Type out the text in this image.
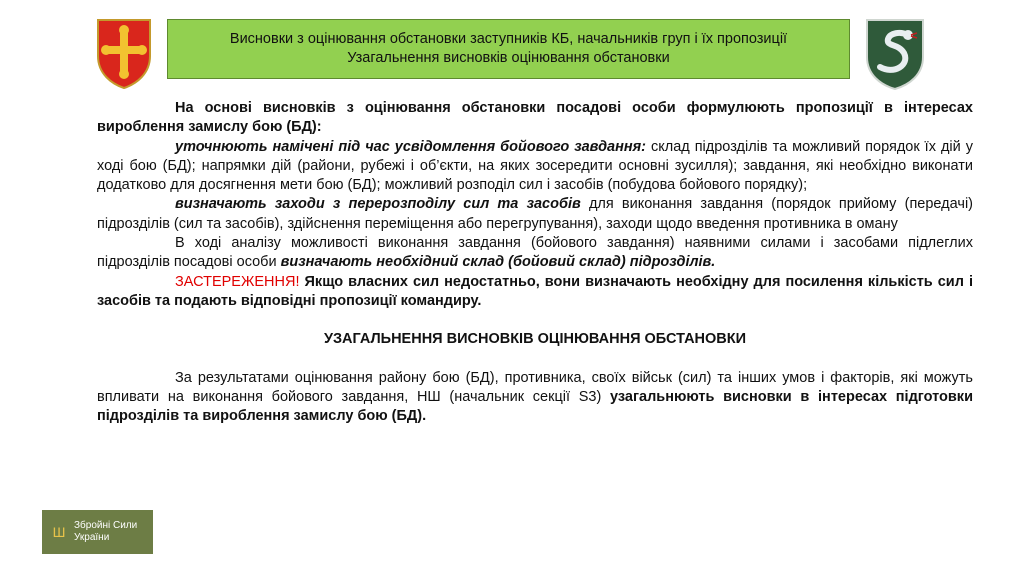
Висновки з оцінювання обстановки заступників КБ, начальників груп і їх пропозиції
Узагальнення висновків оцінювання обстановки

На основі висновків з оцінювання обстановки посадові особи формулюють пропозиції в інтересах вироблення замислу бою (БД):

уточнюють намічені під час усвідомлення бойового завдання: склад підрозділів та можливий порядок їх дій у ході бою (БД); напрямки дій (райони, рубежі і об’єкти, на яких зосередити основні зусилля); завдання, які необхідно виконати додатково для досягнення мети бою (БД); можливий розподіл сил і засобів (побудова бойового порядку);

визначають заходи з перерозподілу сил та засобів для виконання завдання (порядок прийому (передачі) підрозділів (сил та засобів), здійснення переміщення або перегрупування), заходи щодо введення противника в оману

В ході аналізу можливості виконання завдання (бойового завдання) наявними силами і засобами підлеглих підрозділів посадові особи визначають необхідний склад (бойовий склад) підрозділів.

ЗАСТЕРЕЖЕННЯ! Якщо власних сил недостатньо, вони визначають необхідну для посилення кількість сил і засобів та подають відповідні пропозиції командиру.

УЗАГАЛЬНЕННЯ ВИСНОВКІВ ОЦІНЮВАННЯ ОБСТАНОВКИ

За результатами оцінювання району бою (БД), противника, своїх військ (сил) та інших умов і факторів, які можуть впливати на виконання бойового завдання, НШ (начальник секції S3) узагальнюють висновки в інтересах підготовки підрозділів та вироблення замислу бою (БД).

Ш Збройні Сили
України
